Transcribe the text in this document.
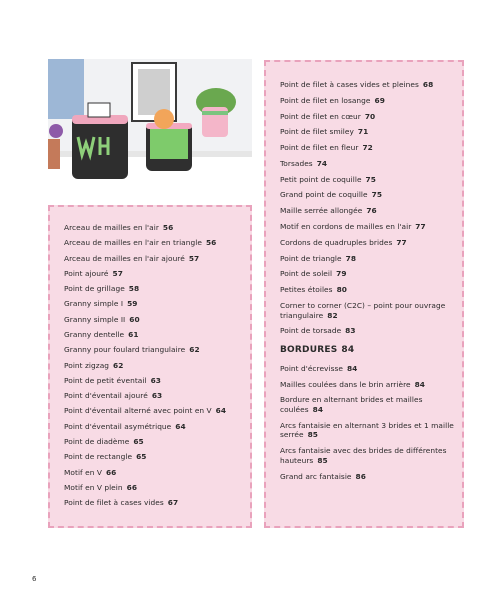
Arceau de mailles en l'air 56
Arceau de mailles en l'air en triangle 56
Arceau de mailles en l'air ajouré 57
Point ajouré 57
Point de grillage 58
Granny simple I 59
Granny simple II 60
Granny dentelle 61
Granny pour foulard triangulaire 62
Point zigzag 62
Point de petit éventail 63
Point d'éventail ajouré 63
Point d'éventail alterné avec point en V 64
Point d'éventail asymétrique 64
Point de diadème 65
Point de rectangle 65
Motif en V 66
Motif en V plein 66
Point de filet à cases vides 67
Point de filet à cases vides et pleines 68
Point de filet en losange 69
Point de filet en cœur 70
Point de filet smiley 71
Point de filet en fleur 72
Torsades 74
Petit point de coquille 75
Grand point de coquille 75
Maille serrée allongée 76
Motif en cordons de mailles en l'air 77
Cordons de quadruples brides 77
Point de triangle 78
Point de soleil 79
Petites étoiles 80
Corner to corner (C2C) – point pour ouvrage triangulaire 82
Point de torsade 83
BORDURES 84
Point d'écrevisse 84
Mailles coulées dans le brin arrière 84
Bordure en alternant brides et mailles coulées 84
Arcs fantaisie en alternant 3 brides et 1 maille serrée 85
Arcs fantaisie avec des brides de différentes hauteurs 85
Grand arc fantaisie 86
6
